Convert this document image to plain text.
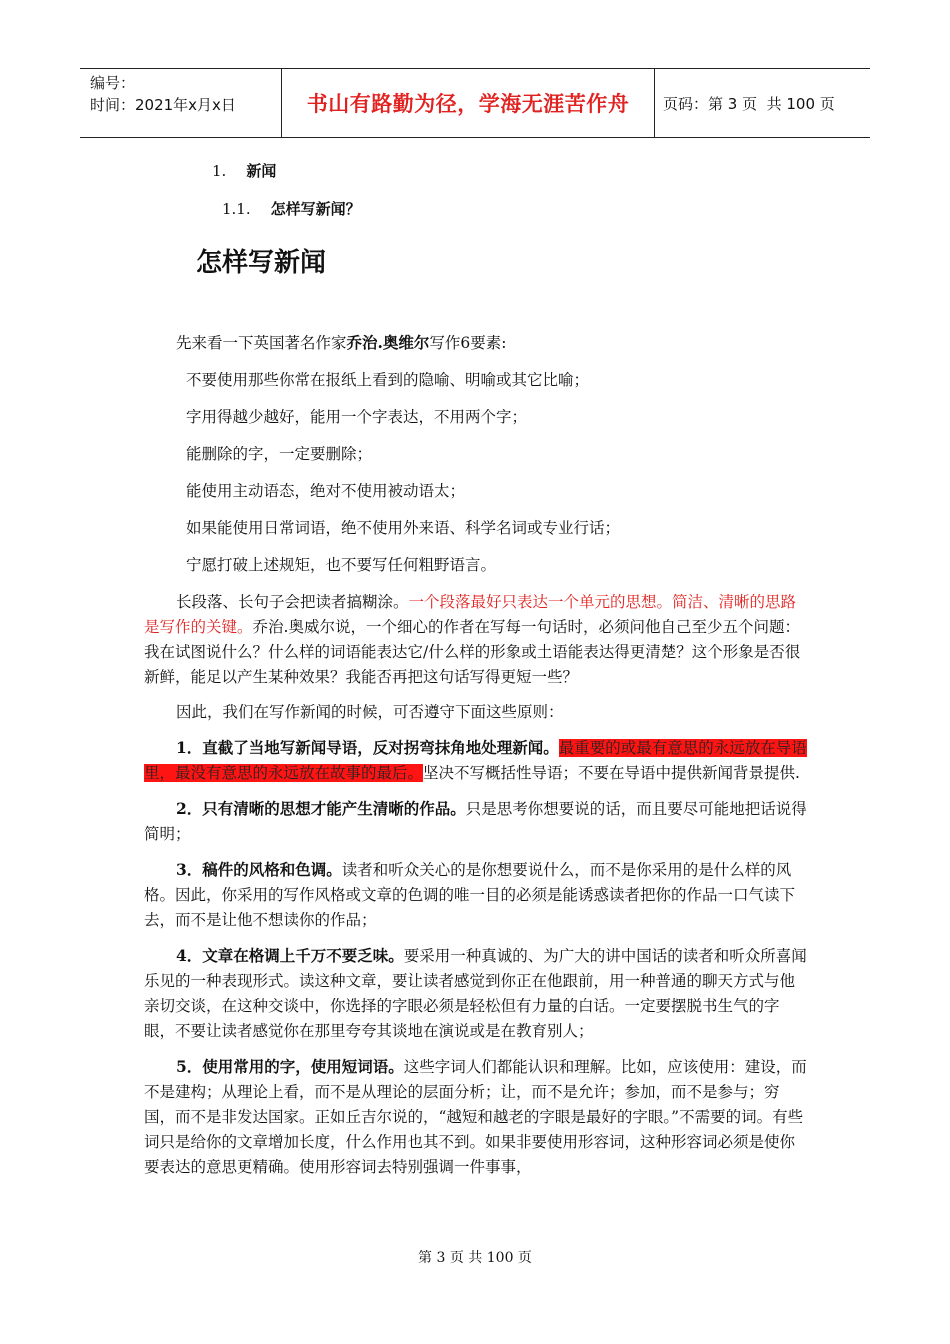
编号：
时间：2021年x月x日	书山有路勤为径，学海无涯苦作舟	页码：第 3 页  共 100 页
1. 新闻
1.1. 怎样写新闻？
怎样写新闻

先来看一下英国著名作家乔治.奥维尔写作6要素:

不要使用那些你常在报纸上看到的隐喻、明喻或其它比喻；
字用得越少越好，能用一个字表达，不用两个字；
能删除的字，一定要删除；
能使用主动语态，绝对不使用被动语太；
如果能使用日常词语，绝不使用外来语、科学名词或专业行话；
宁愿打破上述规矩，也不要写任何粗野语言。

长段落、长句子会把读者搞糊涂。一个段落最好只表达一个单元的思想。简洁、清晰的思路是写作的关键。乔治.奥威尔说，一个细心的作者在写每一句话时，必须问他自己至少五个问题：我在试图说什么？什么样的词语能表达它/什么样的形象或土语能表达得更清楚？这个形象是否很新鲜，能足以产生某种效果？我能否再把这句话写得更短一些？

因此，我们在写作新闻的时候，可否遵守下面这些原则：

1．直截了当地写新闻导语，反对拐弯抹角地处理新闻。最重要的或最有意思的永远放在导语里，最没有意思的永远放在故事的最后。坚决不写概括性导语；不要在导语中提供新闻背景提供.

2．只有清晰的思想才能产生清晰的作品。只是思考你想要说的话，而且要尽可能地把话说得简明；

3．稿件的风格和色调。读者和听众关心的是你想要说什么，而不是你采用的是什么样的风格。因此，你采用的写作风格或文章的色调的唯一目的必须是能诱惑读者把你的作品一口气读下去，而不是让他不想读你的作品；

4．文章在格调上千万不要乏味。要采用一种真诚的、为广大的讲中国话的读者和听众所喜闻乐见的一种表现形式。读这种文章，要让读者感觉到你正在他跟前，用一种普通的聊天方式与他亲切交谈，在这种交谈中，你选择的字眼必须是轻松但有力量的白话。一定要摆脱书生气的字眼，不要让读者感觉你在那里夸夸其谈地在演说或是在教育别人；

5．使用常用的字，使用短词语。这些字词人们都能认识和理解。比如，应该使用：建设，而不是建构；从理论上看，而不是从理论的层面分析；让，而不是允许；参加，而不是参与；穷国，而不是非发达国家。正如丘吉尔说的，“越短和越老的字眼是最好的字眼。”不需要的词。有些词只是给你的文章增加长度，什么作用也其不到。如果非要使用形容词，这种形容词必须是使你要表达的意思更精确。使用形容词去特别强调一件事事，

第 3 页 共 100 页
